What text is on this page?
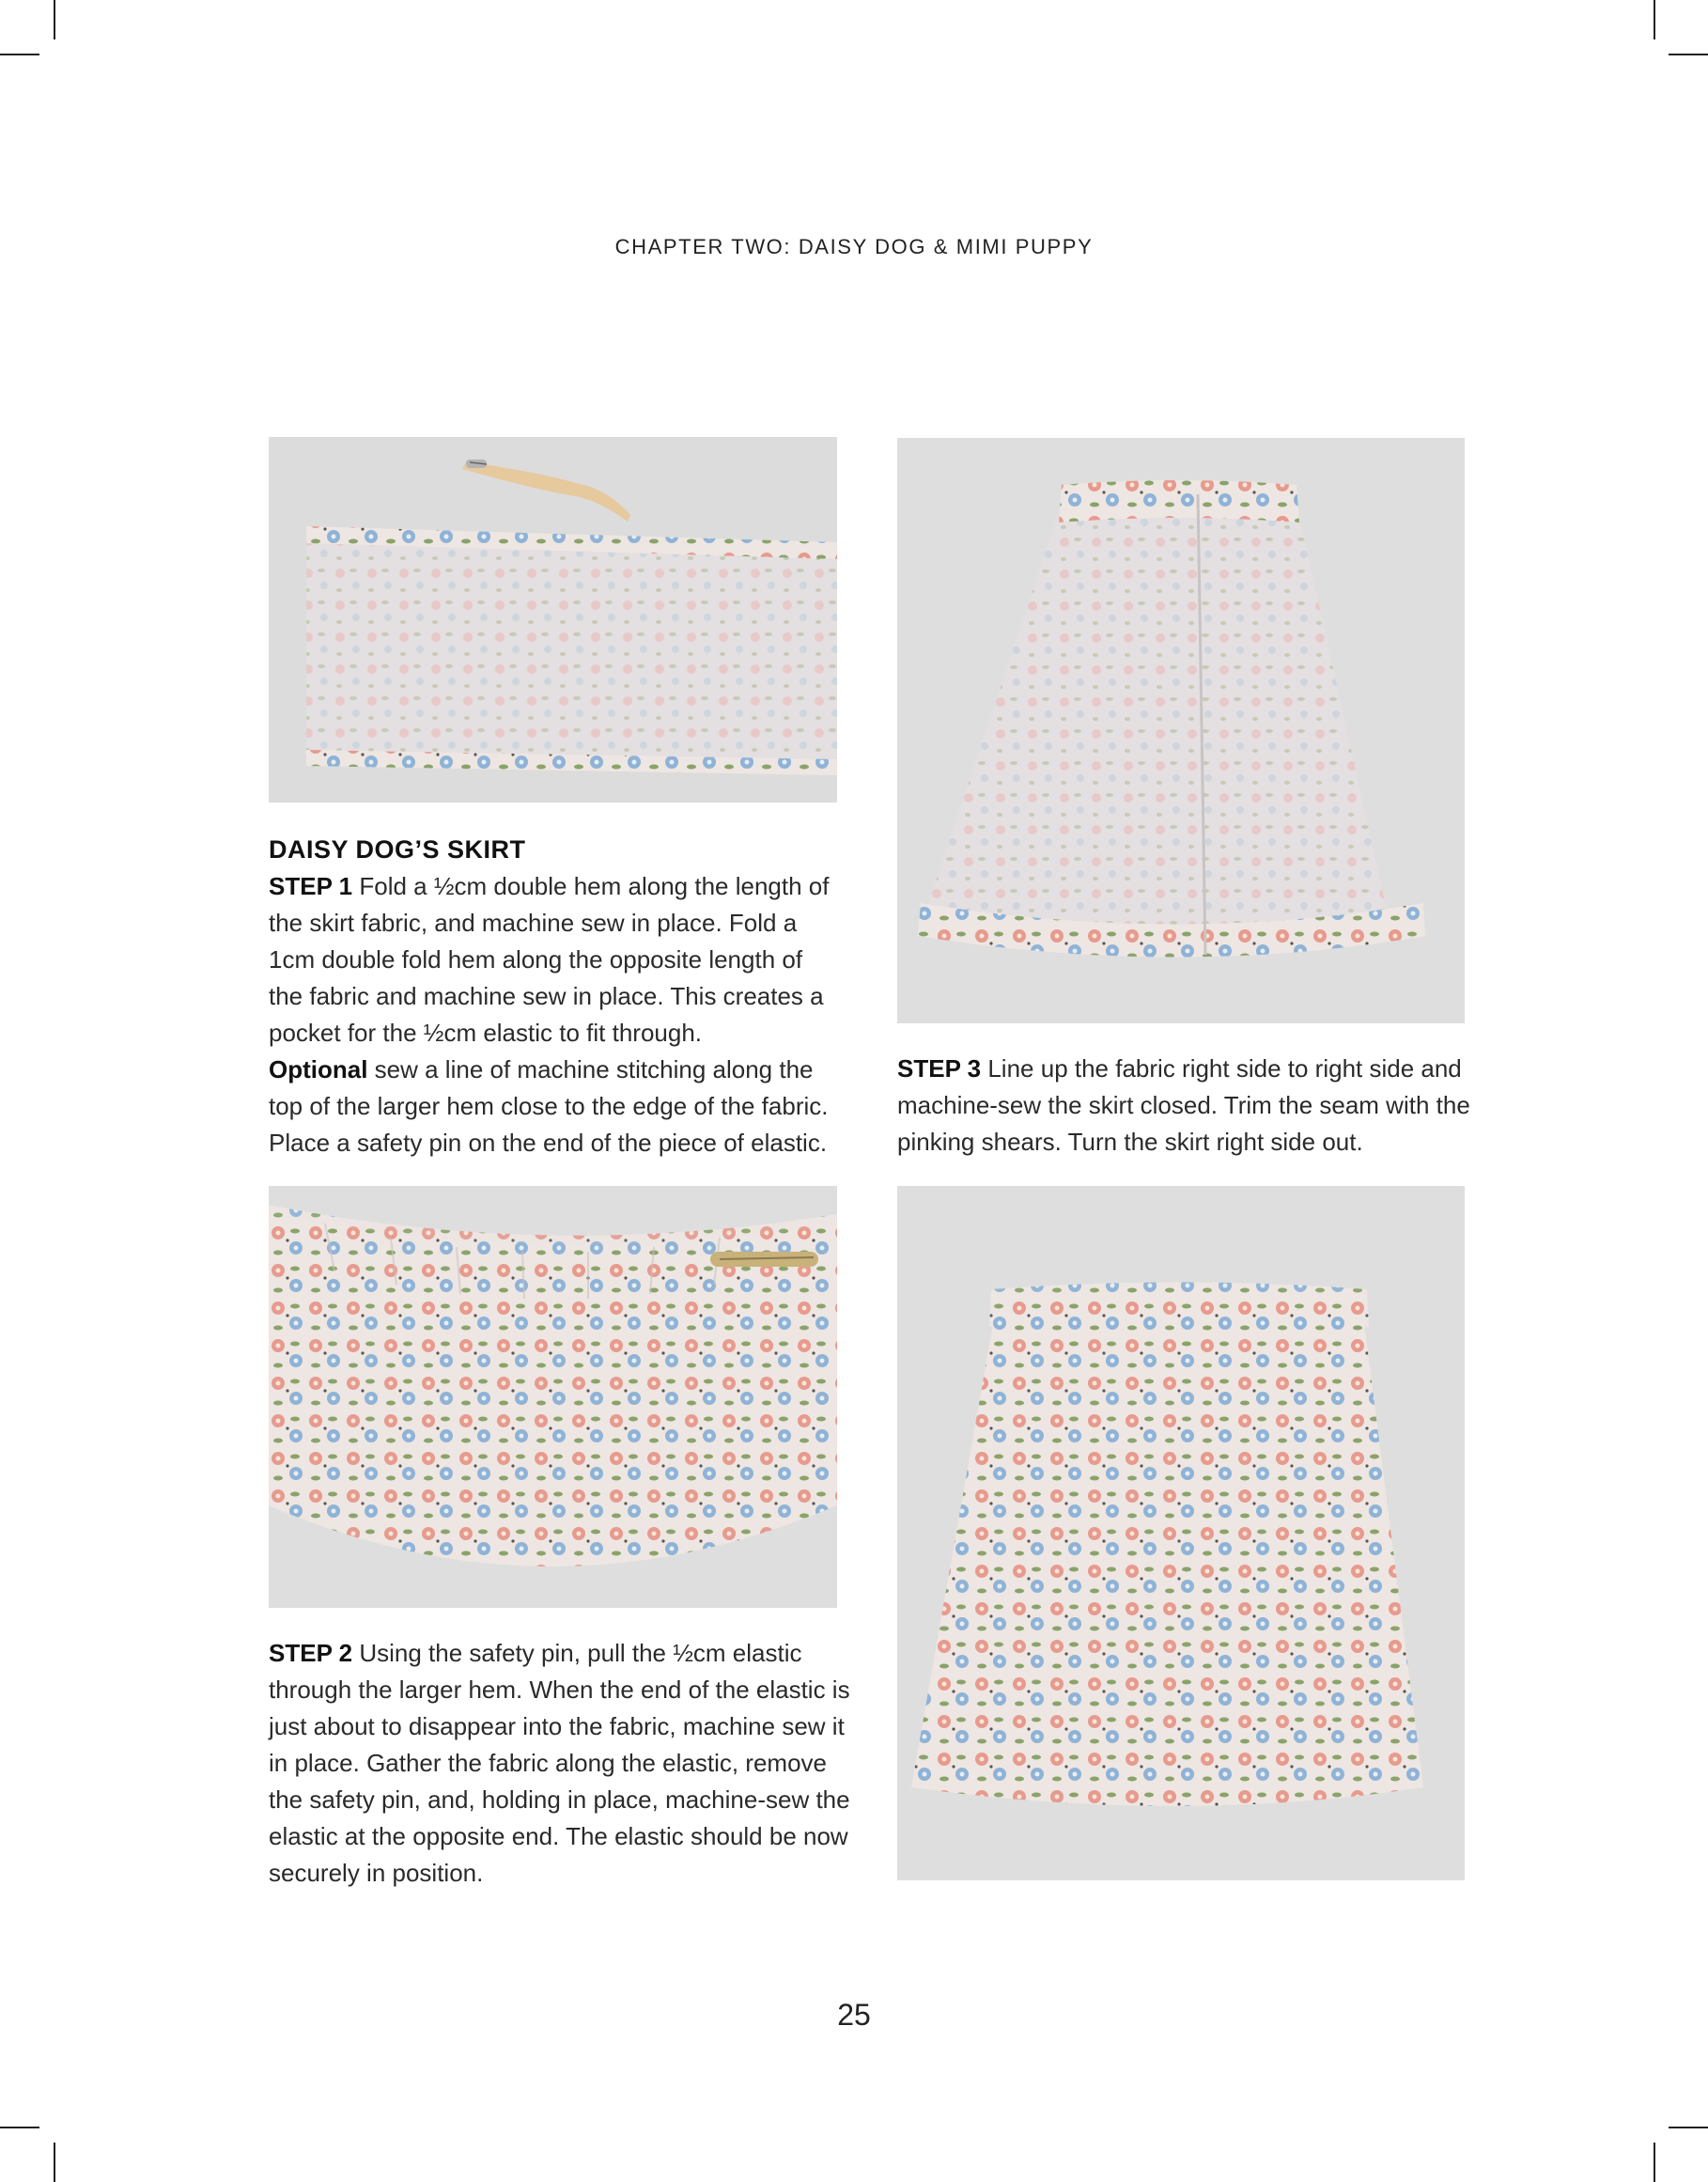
CHAPTER TWO: DAISY DOG & MIMI PUPPY

DAISY DOG’S SKIRT

STEP 1 Fold a ½cm double hem along the length of the skirt fabric, and machine sew in place. Fold a 1cm double fold hem along the opposite length of the fabric and machine sew in place. This creates a pocket for the ½cm elastic to fit through.

Optional sew a line of machine stitching along the top of the larger hem close to the edge of the fabric. Place a safety pin on the end of the piece of elastic.

STEP 3 Line up the fabric right side to right side and machine-sew the skirt closed. Trim the seam with the pinking shears. Turn the skirt right side out.

STEP 2 Using the safety pin, pull the ½cm elastic through the larger hem. When the end of the elastic is just about to disappear into the fabric, machine sew it in place. Gather the fabric along the elastic, remove the safety pin, and, holding in place, machine-sew the elastic at the opposite end. The elastic should be now securely in position.

25
